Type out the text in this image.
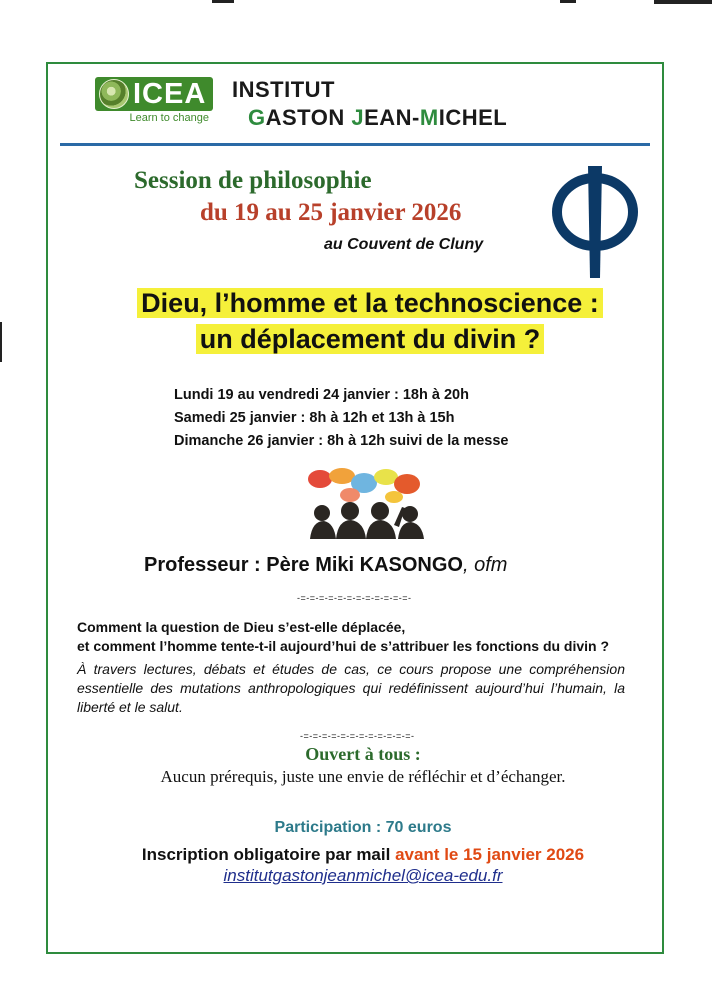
ICEA
Learn to change
INSTITUT
GASTON JEAN-MICHEL
Session de philosophie
du 19 au 25 janvier 2026
au Couvent de Cluny
Dieu, l’homme et la technoscience :
un déplacement du divin ?
Lundi 19 au vendredi 24 janvier : 18h à 20h
Samedi 25 janvier : 8h à 12h et 13h à 15h
Dimanche 26 janvier : 8h à 12h suivi de la messe
Professeur : Père Miki KASONGO, ofm
-=-=-=-=-=-=-=-=-=-=-=-=-
Comment la question de Dieu s’est-elle déplacée,
et comment l’homme tente-t-il aujourd’hui de s’attribuer les fonctions du divin ?
À travers lectures, débats et études de cas, ce cours propose une compréhension essentielle des mutations anthropologiques qui redéfinissent aujourd’hui l’humain, la liberté et le salut.
-=-=-=-=-=-=-=-=-=-=-=-=-
Ouvert à tous :
Aucun prérequis, juste une envie de réfléchir et d’échanger.
Participation : 70 euros
Inscription obligatoire par mail avant le 15 janvier 2026
institutgastonjeanmichel@icea-edu.fr
